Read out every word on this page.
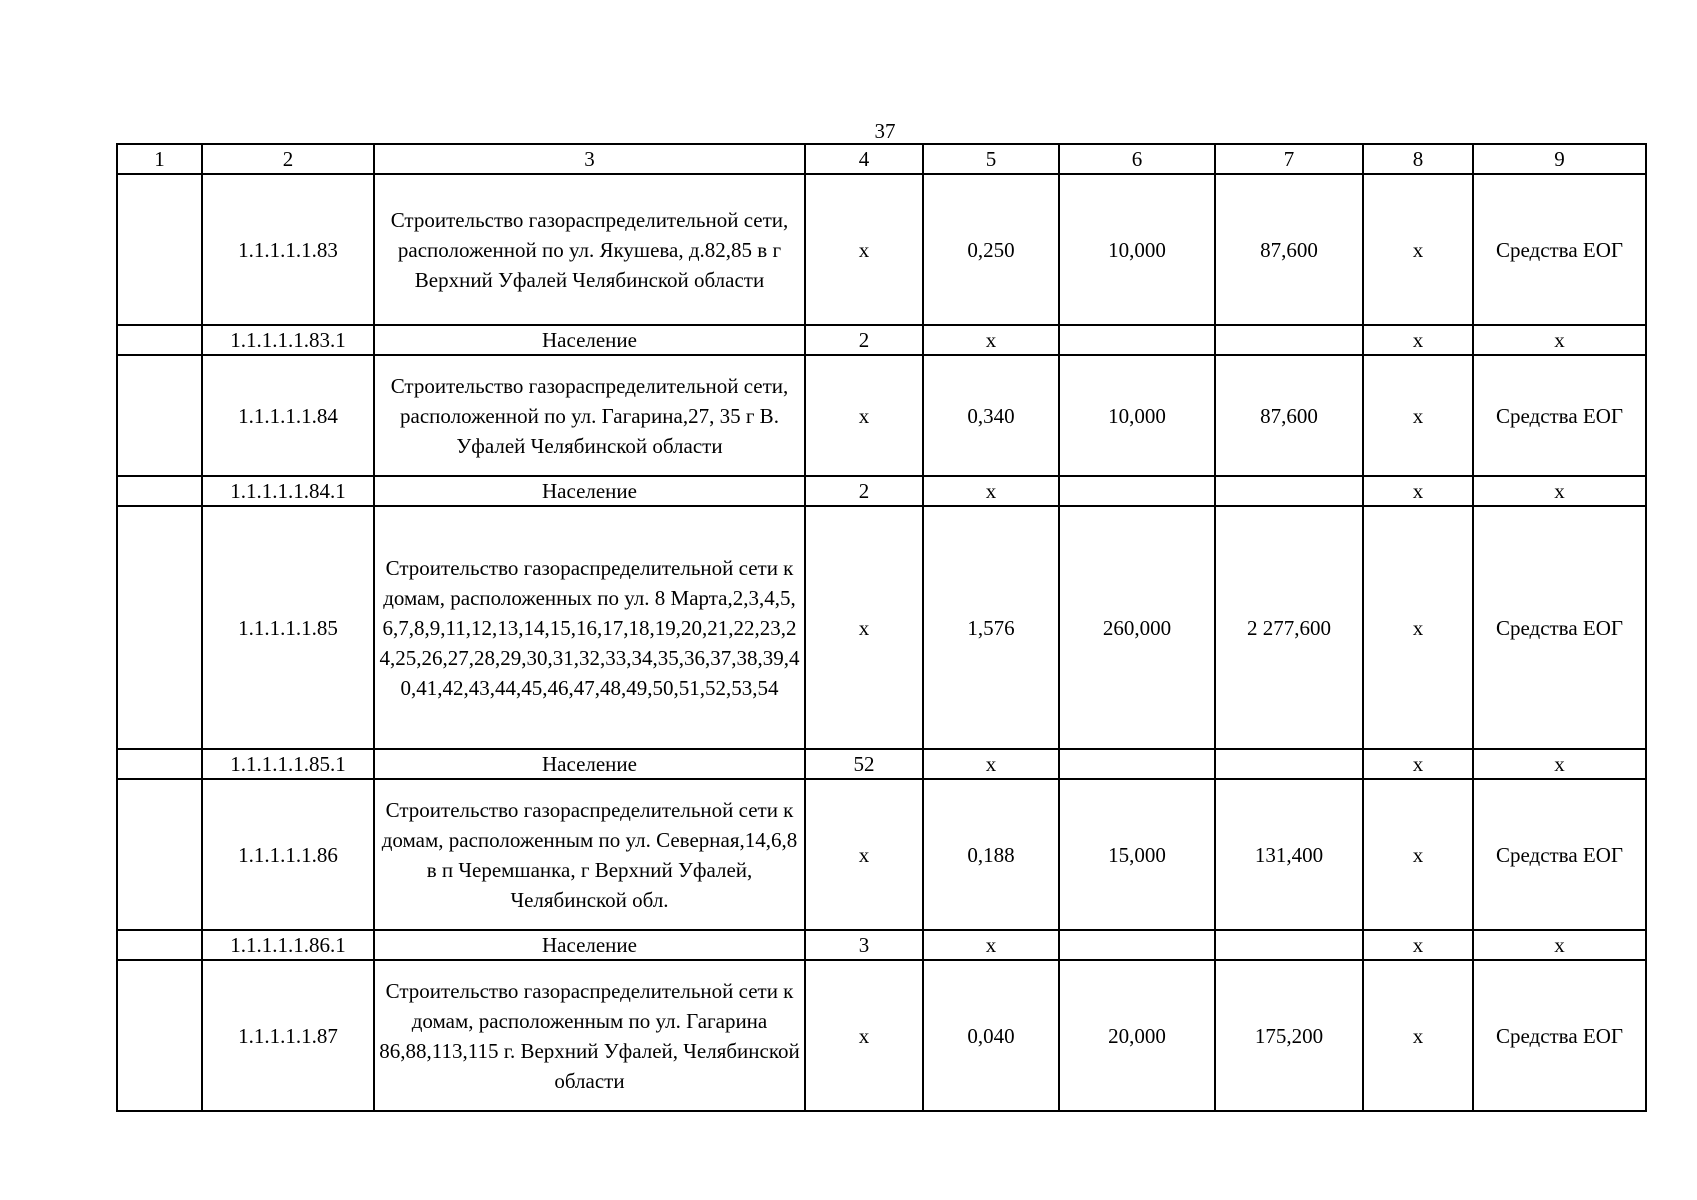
37
1	2	3	4	5	6	7	8	9
	1.1.1.1.1.83	Строительство газораспределительной сети, расположенной по ул. Якушева, д.82,85 в г Верхний Уфалей Челябинской области	x	0,250	10,000	87,600	x	Средства ЕОГ
	1.1.1.1.1.83.1	Население	2	x			x	x
	1.1.1.1.1.84	Строительство газораспределительной сети, расположенной по ул. Гагарина,27, 35 г В. Уфалей Челябинской области	x	0,340	10,000	87,600	x	Средства ЕОГ
	1.1.1.1.1.84.1	Население	2	x			x	x
	1.1.1.1.1.85	Строительство газораспределительной сети к домам, расположенных по ул. 8 Марта,2,3,4,5,6,7,8,9,11,12,13,14,15,16,17,18,19,20,21,22,23,24,25,26,27,28,29,30,31,32,33,34,35,36,37,38,39,40,41,42,43,44,45,46,47,48,49,50,51,52,53,54	x	1,576	260,000	2 277,600	x	Средства ЕОГ
	1.1.1.1.1.85.1	Население	52	x			x	x
	1.1.1.1.1.86	Строительство газораспределительной сети к домам, расположенным по ул. Северная,14,6,8 в п Черемшанка, г Верхний Уфалей, Челябинской обл.	x	0,188	15,000	131,400	x	Средства ЕОГ
	1.1.1.1.1.86.1	Население	3	x			x	x
	1.1.1.1.1.87	Строительство газораспределительной сети к домам, расположенным по ул. Гагарина 86,88,113,115 г. Верхний Уфалей, Челябинской области	x	0,040	20,000	175,200	x	Средства ЕОГ
